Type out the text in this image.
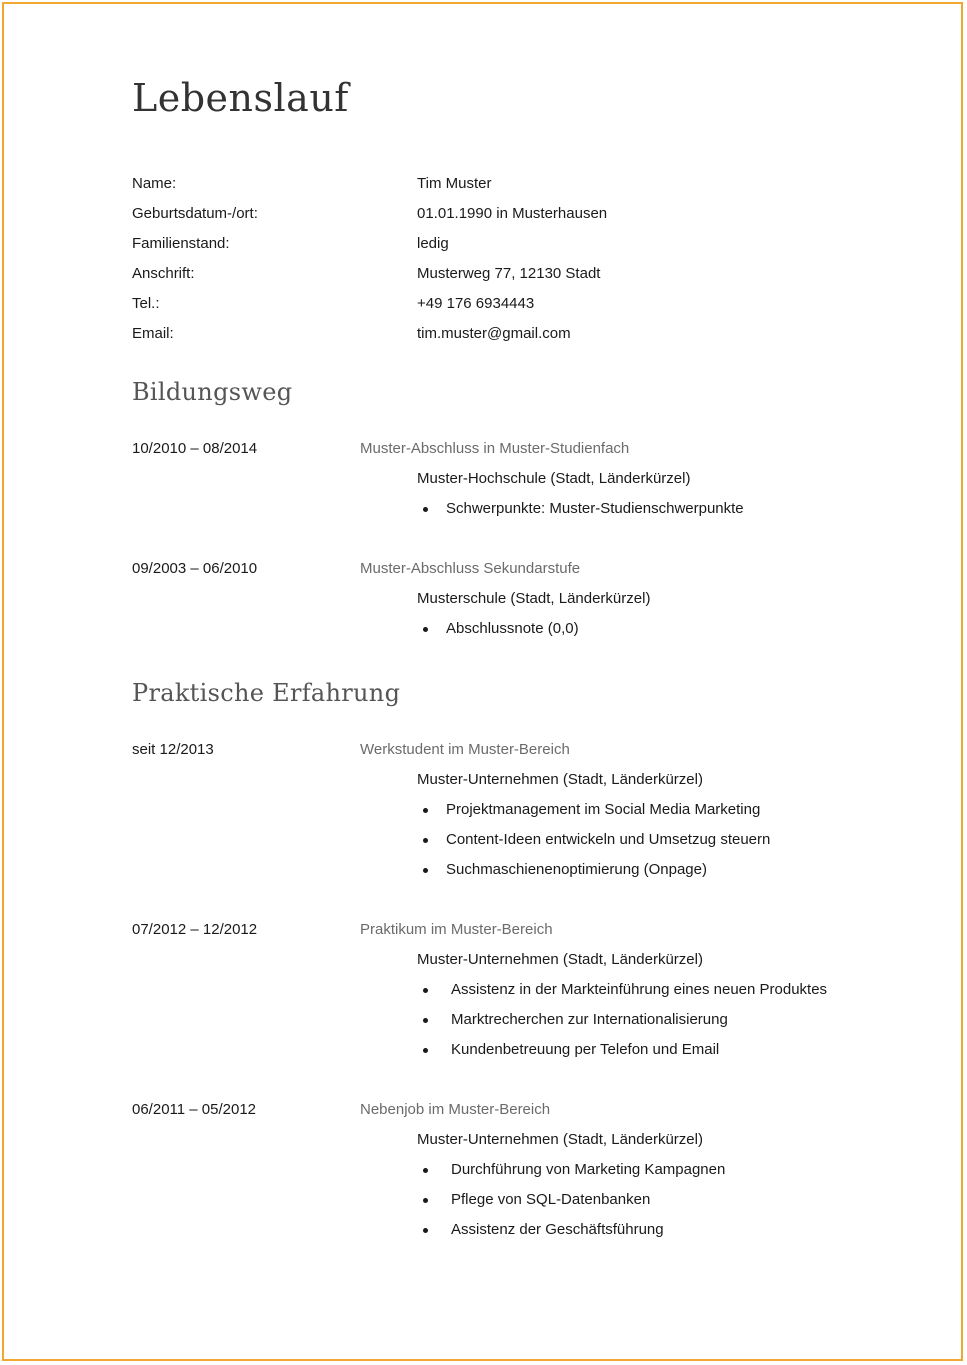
Lebenslauf
Name:	Tim Muster
Geburtsdatum-/ort:	01.01.1990 in Musterhausen
Familienstand:	ledig
Anschrift:	Musterweg 77, 12130 Stadt
Tel.:	+49 176 6934443
Email:	tim.muster@gmail.com
Bildungsweg
10/2010 – 08/2014	Muster-Abschluss in Muster-Studienfach
Muster-Hochschule (Stadt, Länderkürzel)
Schwerpunkte: Muster-Studienschwerpunkte
09/2003 – 06/2010	Muster-Abschluss Sekundarstufe
Musterschule (Stadt, Länderkürzel)
Abschlussnote (0,0)
Praktische Erfahrung
seit 12/2013	Werkstudent im Muster-Bereich
Muster-Unternehmen (Stadt, Länderkürzel)
Projektmanagement im Social Media Marketing
Content-Ideen entwickeln und Umsetzug steuern
Suchmaschienenoptimierung (Onpage)
07/2012 – 12/2012	Praktikum im Muster-Bereich
Muster-Unternehmen (Stadt, Länderkürzel)
Assistenz in der Markteinführung eines neuen Produktes
Marktrecherchen zur Internationalisierung
Kundenbetreuung per Telefon und Email
06/2011 – 05/2012	Nebenjob im Muster-Bereich
Muster-Unternehmen (Stadt, Länderkürzel)
Durchführung von Marketing Kampagnen
Pflege von SQL-Datenbanken
Assistenz der Geschäftsführung
